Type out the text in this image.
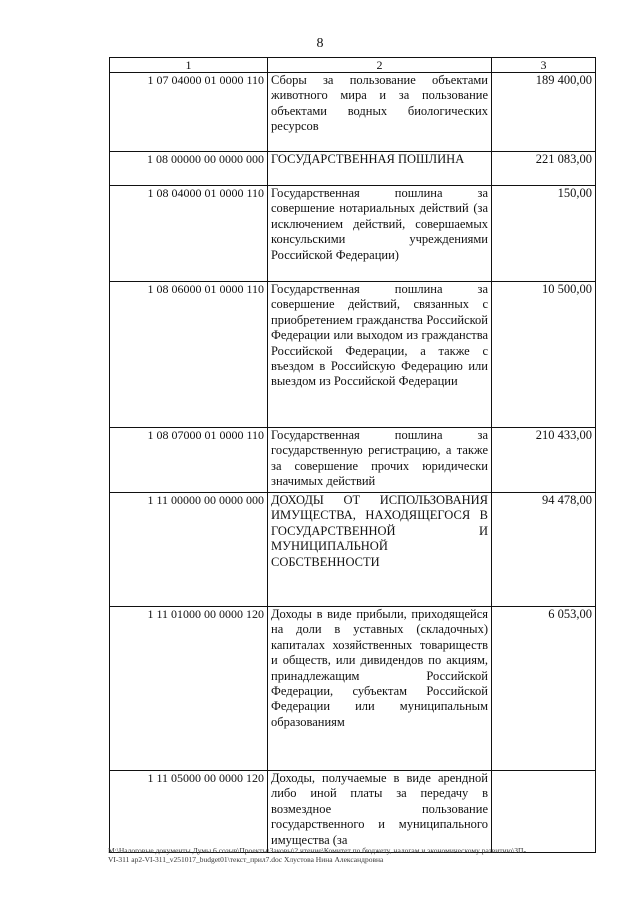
8
1	2	3
1 07 04000 01 0000 110	Сборы за пользование объектами животного мира и за пользование объектами водных биологических ресурсов	189 400,00
1 08 00000 00 0000 000	ГОСУДАРСТВЕННАЯ ПОШЛИНА	221 083,00
1 08 04000 01 0000 110	Государственная пошлина за совершение нотариальных действий (за исключением действий, совершаемых консульскими учреждениями Российской Федерации)	150,00
1 08 06000 01 0000 110	Государственная пошлина за совершение действий, связанных с приобретением гражданства Российской Федерации или выходом из гражданства Российской Федерации, а также с въездом в Российскую Федерацию или выездом из Российской Федерации	10 500,00
1 08 07000 01 0000 110	Государственная пошлина за государственную регистрацию, а также за совершение прочих юридически значимых действий	210 433,00
1 11 00000 00 0000 000	ДОХОДЫ ОТ ИСПОЛЬЗОВАНИЯ ИМУЩЕСТВА, НАХОДЯЩЕГОСЯ В ГОСУДАРСТВЕННОЙ И МУНИЦИПАЛЬНОЙ СОБСТВЕННОСТИ	94 478,00
1 11 01000 00 0000 120	Доходы в виде прибыли, приходящейся на доли в уставных (складочных) капиталах хозяйственных товариществ и обществ, или дивидендов по акциям, принадлежащим Российской Федерации, субъектам Российской Федерации или муниципальным образованиям	6 053,00
1 11 05000 00 0000 120	Доходы, получаемые в виде арендной либо иной платы за передачу в возмездное пользование государственного и муниципального имущества (за	
М:\Налоговые документы Думы 6 созыв\Проекты\Заковы\2 чтение\Комитет по бюджету, налогам и экономическому развитию\ЗП-VI-311 ар2-VI-311_v251017_budget01\текст_прил7.doc Хлустова Нина Александровна
